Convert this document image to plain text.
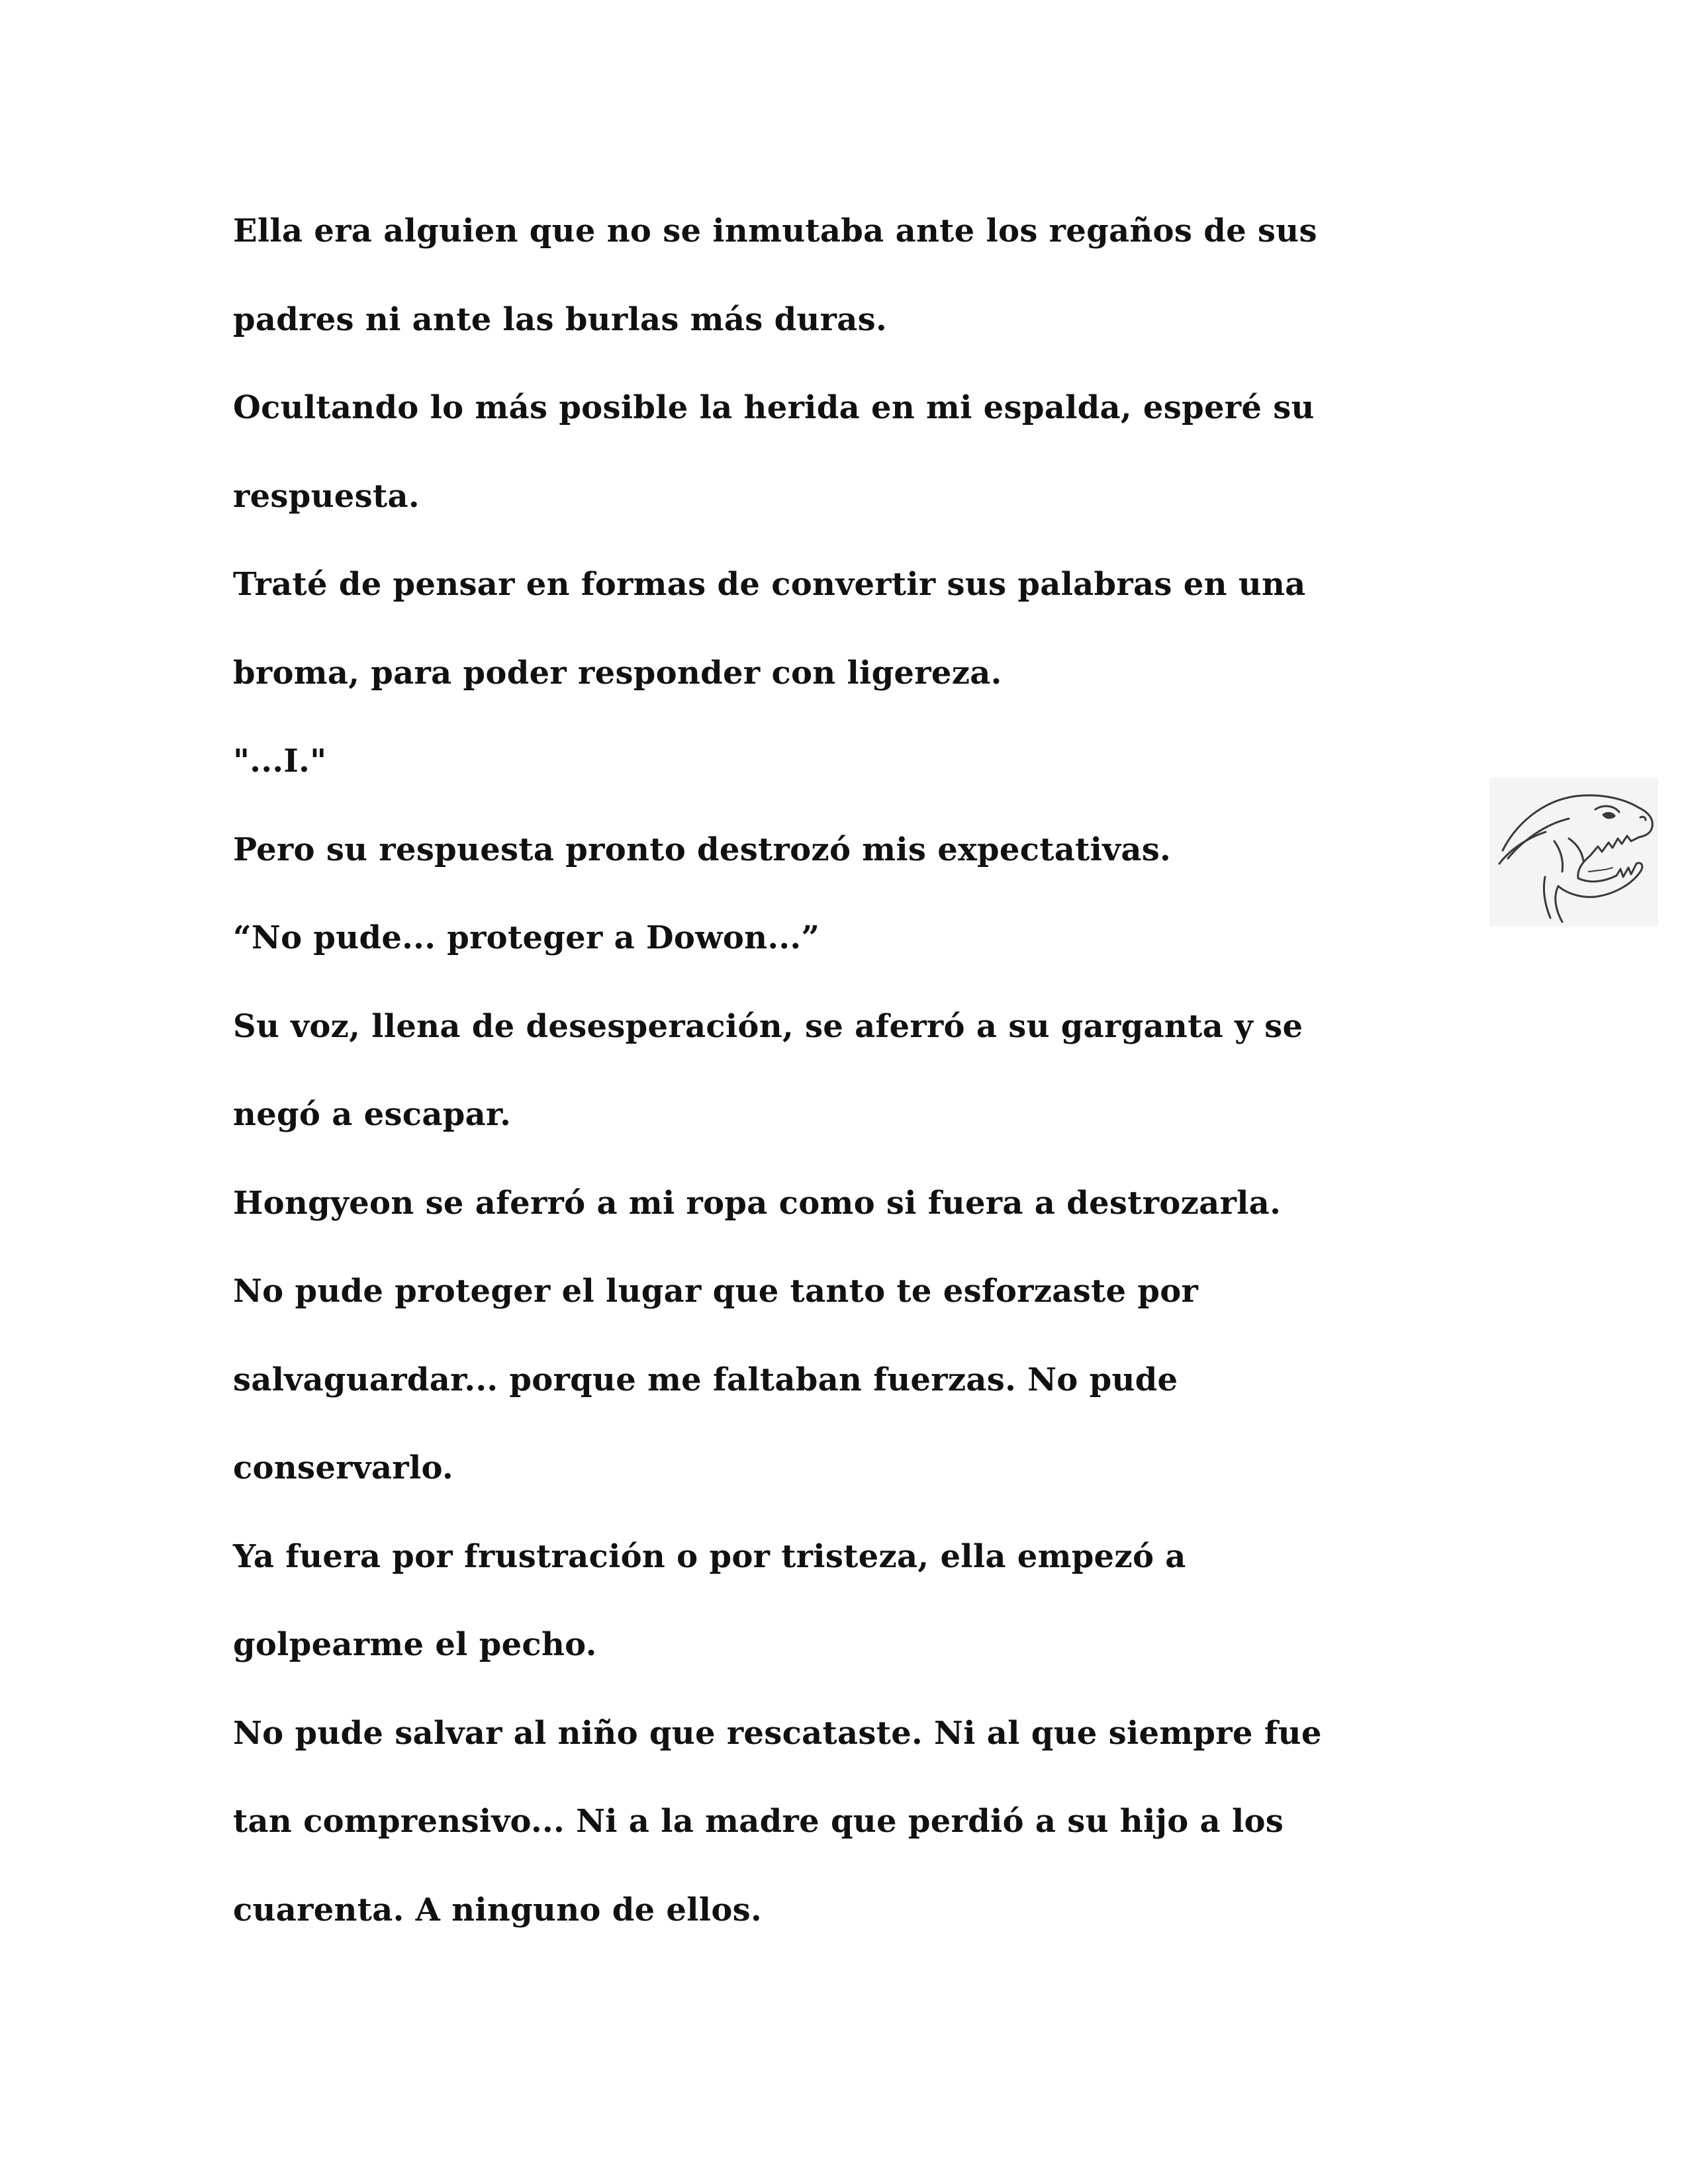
Ella era alguien que no se inmutaba ante los regaños de sus
padres ni ante las burlas más duras.
Ocultando lo más posible la herida en mi espalda, esperé su
respuesta.
Traté de pensar en formas de convertir sus palabras en una
broma, para poder responder con ligereza.
"...I."
Pero su respuesta pronto destrozó mis expectativas.
“No pude... proteger a Dowon...”
Su voz, llena de desesperación, se aferró a su garganta y se
negó a escapar.
Hongyeon se aferró a mi ropa como si fuera a destrozarla.
No pude proteger el lugar que tanto te esforzaste por
salvaguardar... porque me faltaban fuerzas. No pude
conservarlo.
Ya fuera por frustración o por tristeza, ella empezó a
golpearme el pecho.
No pude salvar al niño que rescataste. Ni al que siempre fue
tan comprensivo... Ni a la madre que perdió a su hijo a los
cuarenta. A ninguno de ellos.
